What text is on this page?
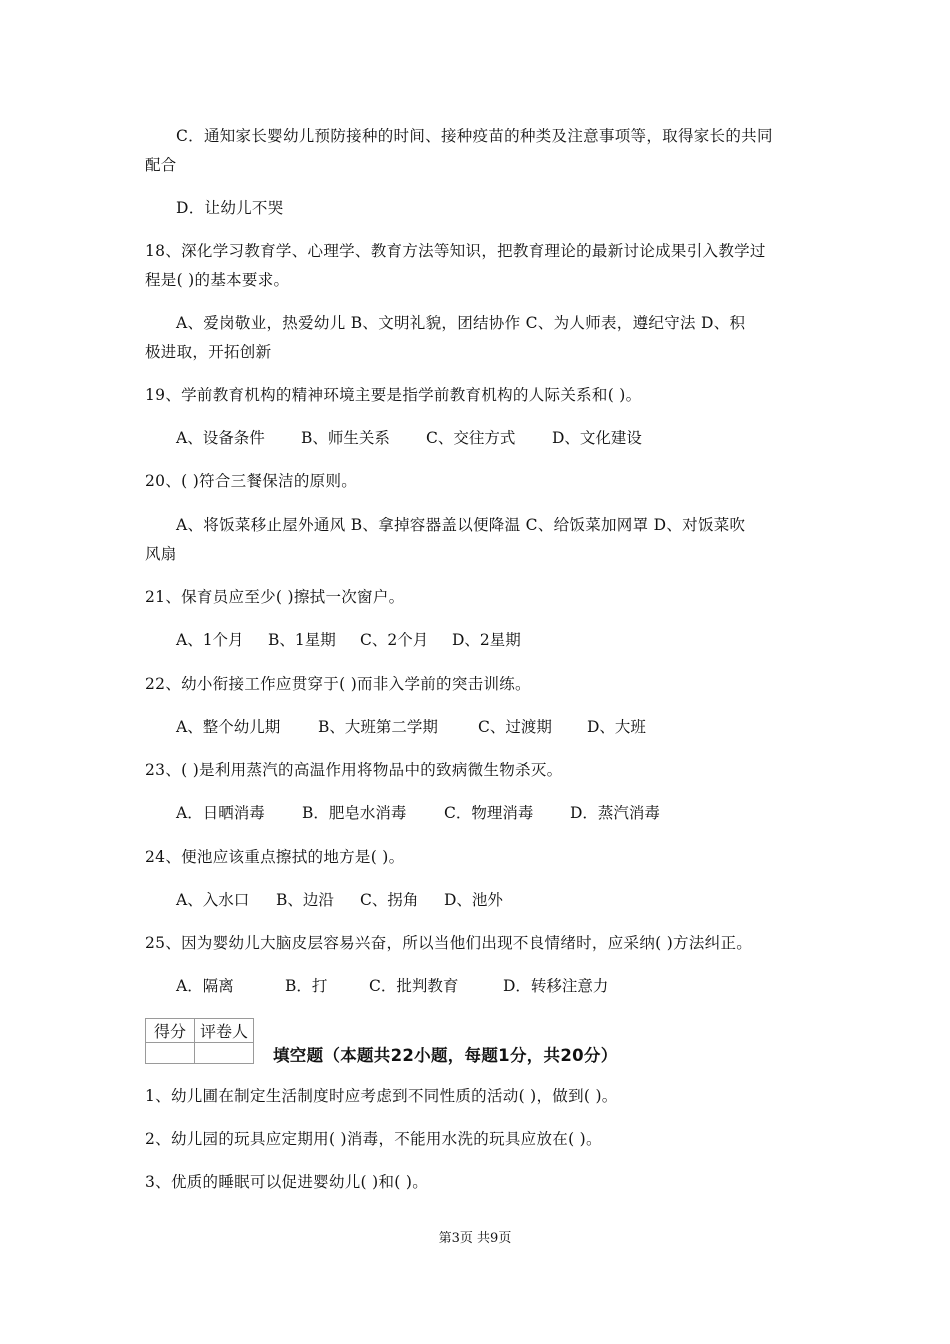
C．通知家长婴幼儿预防接种的时间、接种疫苗的种类及注意事项等，取得家长的共同
配合
D．让幼儿不哭
18、深化学习教育学、心理学、教育方法等知识，把教育理论的最新讨论成果引入教学过
程是( )的基本要求。
A、爱岗敬业，热爱幼儿 B、文明礼貌，团结协作 C、为人师表，遵纪守法 D、积
极进取，开拓创新
19、学前教育机构的精神环境主要是指学前教育机构的人际关系和( )。
A、设备条件 B、师生关系 C、交往方式 D、文化建设
20、( )符合三餐保洁的原则。
A、将饭菜移止屋外通风 B、拿掉容器盖以便降温 C、给饭菜加网罩 D、对饭菜吹
风扇
21、保育员应至少( )擦拭一次窗户。
A、1个月 B、1星期 C、2个月 D、2星期
22、幼小衔接工作应贯穿于( )而非入学前的突击训练。
A、整个幼儿期 B、大班第二学期	C、过渡期 D、大班
23、( )是利用蒸汽的高温作用将物品中的致病微生物杀灭。
A．日晒消毒 B．肥皂水消毒 C．物理消毒 D．蒸汽消毒
24、便池应该重点擦拭的地方是( )。
A、入水口 B、边沿 C、拐角 D、池外
25、因为婴幼儿大脑皮层容易兴奋，所以当他们出现不良情绪时，应采纳( )方法纠正。
A．隔离	B．打	C．批判教育	D．转移注意力
得分	评卷人

填空题（本题共22小题，每题1分，共20分）
1、幼儿圃在制定生活制度时应考虑到不同性质的活动( )，做到( )。
2、幼儿园的玩具应定期用( )消毒，不能用水洗的玩具应放在( )。
3、优质的睡眠可以促进婴幼儿( )和( )。
第3页 共9页
